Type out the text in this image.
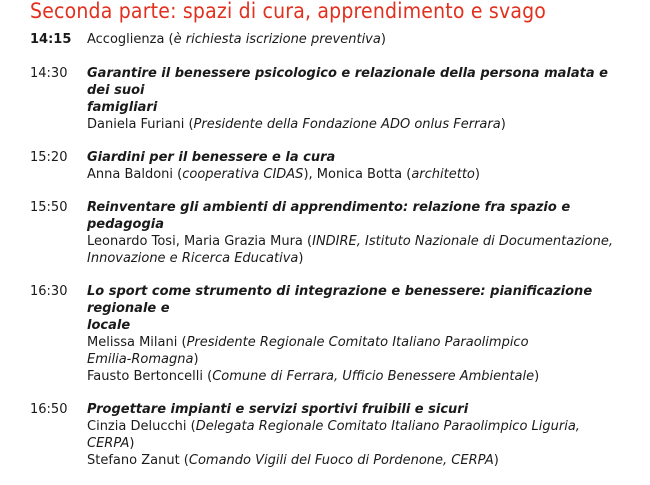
Seconda parte: spazi di cura, apprendimento e svago
14:15	Accoglienza (è richiesta iscrizione preventiva)
14:30	Garantire il benessere psicologico e relazionale della persona malata e dei suoi
famigliari
Daniela Furiani (Presidente della Fondazione ADO onlus Ferrara)
15:20	Giardini per il benessere e la cura
Anna Baldoni (cooperativa CIDAS), Monica Botta (architetto)
15:50	Reinventare gli ambienti di apprendimento: relazione fra spazio e pedagogia
Leonardo Tosi, Maria Grazia Mura (INDIRE, Istituto Nazionale di Documentazione,
Innovazione e Ricerca Educativa)
16:30	Lo sport come strumento di integrazione e benessere: pianificazione regionale e
locale
Melissa Milani (Presidente Regionale Comitato Italiano Paraolimpico
Emilia-Romagna)
Fausto Bertoncelli (Comune di Ferrara, Ufficio Benessere Ambientale)
16:50	Progettare impianti e servizi sportivi fruibili e sicuri
Cinzia Delucchi (Delegata Regionale Comitato Italiano Paraolimpico Liguria,
CERPA)
Stefano Zanut (Comando Vigili del Fuoco di Pordenone, CERPA)
